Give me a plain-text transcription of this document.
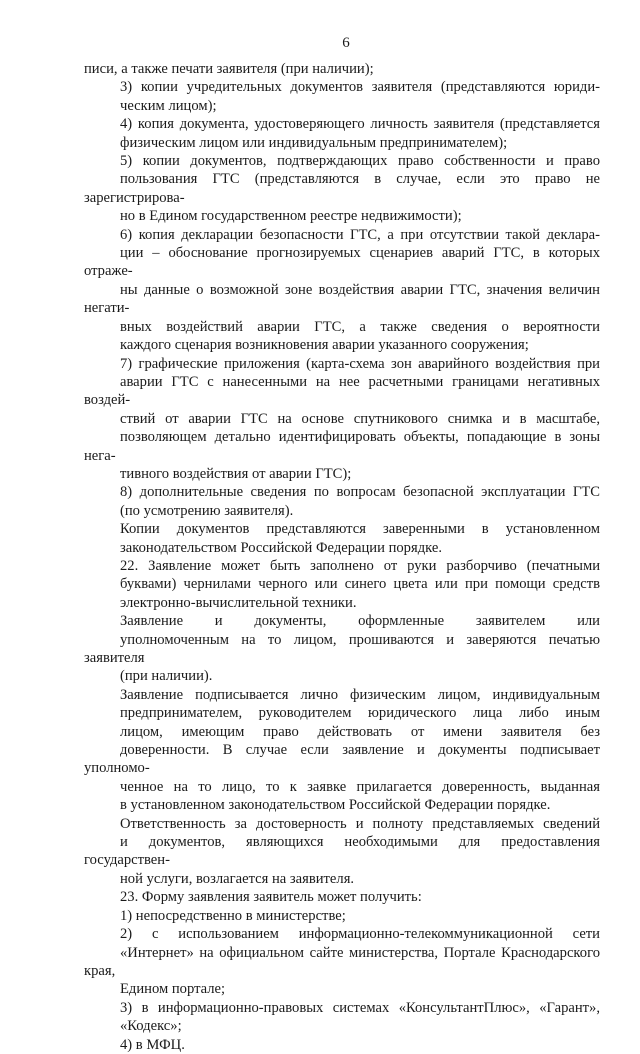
6

писи, а также печати заявителя (при наличии);

3) копии учредительных документов заявителя (представляются юриди-
ческим лицом);

4) копия документа, удостоверяющего личность заявителя (представляется
физическим лицом или индивидуальным предпринимателем);

5) копии документов, подтверждающих право собственности и право
пользования ГТС (представляются в случае, если это право не зарегистрирова-
но в Едином государственном реестре недвижимости);

6) копия декларации безопасности ГТС, а при отсутствии такой деклара-
ции – обоснование прогнозируемых сценариев аварий ГТС, в которых отраже-
ны данные о возможной зоне воздействия аварии ГТС, значения величин негати-
вных воздействий аварии ГТС, а также сведения о вероятности
каждого сценария возникновения аварии указанного сооружения;

7) графические приложения (карта-схема зон аварийного воздействия при
аварии ГТС с нанесенными на нее расчетными границами негативных воздей-
ствий от аварии ГТС на основе спутникового снимка и в масштабе,
позволяющем детально идентифицировать объекты, попадающие в зоны нега-
тивного воздействия от аварии ГТС);

8) дополнительные сведения по вопросам безопасной эксплуатации ГТС
(по усмотрению заявителя).

Копии документов представляются заверенными в установленном
законодательством Российской Федерации порядке.

22. Заявление может быть заполнено от руки разборчиво (печатными
буквами) чернилами черного или синего цвета или при помощи средств
электронно-вычислительной техники.

Заявление и документы, оформленные заявителем или
уполномоченным на то лицом, прошиваются и заверяются печатью заявителя
(при наличии).

Заявление подписывается лично физическим лицом, индивидуальным
предпринимателем, руководителем юридического лица либо иным
лицом, имеющим право действовать от имени заявителя без
доверенности. В случае если заявление и документы подписывает уполномо-
ченное на то лицо, то к заявке прилагается доверенность, выданная
в установленном законодательством Российской Федерации порядке.

Ответственность за достоверность и полноту представляемых сведений
и документов, являющихся необходимыми для предоставления государствен-
ной услуги, возлагается на заявителя.

23. Форму заявления заявитель может получить:

1) непосредственно в министерстве;

2) с использованием информационно-телекоммуникационной сети
«Интернет» на официальном сайте министерства, Портале Краснодарского края,
Едином портале;

3) в информационно-правовых системах «КонсультантПлюс», «Гарант»,
«Кодекс»;

4) в МФЦ.
